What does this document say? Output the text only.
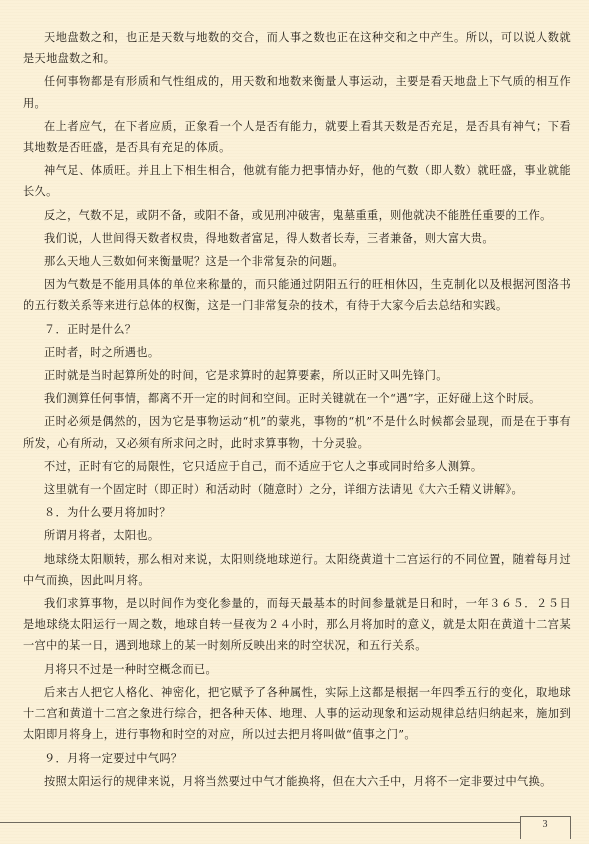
天地盘数之和，也正是天数与地数的交合，而人事之数也正在这种交和之中产生。所以，可以说人数就是天地盘数之和。

任何事物都是有形质和气性组成的，用天数和地数来衡量人事运动，主要是看天地盘上下气质的相互作用。

在上者应气，在下者应质，正象看一个人是否有能力，就要上看其天数是否充足，是否具有神气；下看其地数是否旺盛，是否具有充足的体质。

神气足、体质旺。并且上下相生相合，他就有能力把事情办好，他的气数（即人数）就旺盛，事业就能长久。

反之，气数不足，或阴不备，或阳不备，或见刑冲破害，鬼墓重重，则他就决不能胜任重要的工作。

我们说，人世间得天数者权贵，得地数者富足，得人数者长寿，三者兼备，则大富大贵。

那么天地人三数如何来衡量呢？这是一个非常复杂的问题。

因为气数是不能用具体的单位来称量的，而只能通过阴阳五行的旺相休囚，生克制化以及根据河图洛书的五行数关系等来进行总体的权衡，这是一门非常复杂的技术，有待于大家今后去总结和实践。

７．正时是什么？

正时者，时之所遇也。

正时就是当时起算所处的时间，它是求算时的起算要素，所以正时又叫先锋门。

我们测算任何事情，都离不开一定的时间和空间。正时关键就在一个“遇”字，正好碰上这个时辰。

正时必须是偶然的，因为它是事物运动“机”的蒙兆，事物的“机”不是什么时候都会显现，而是在于事有所发，心有所动，又必须有所求问之时，此时求算事物，十分灵验。

不过，正时有它的局限性，它只适应于自己，而不适应于它人之事或同时给多人测算。

这里就有一个固定时（即正时）和活动时（随意时）之分，详细方法请见《大六壬精义讲解》。

８．为什么要月将加时？

所谓月将者，太阳也。

地球绕太阳顺转，那么相对来说，太阳则绕地球逆行。太阳绕黄道十二宫运行的不同位置，随着每月过中气而换，因此叫月将。

我们求算事物，是以时间作为变化参量的，而每天最基本的时间参量就是日和时，一年３６５．２５日是地球绕太阳运行一周之数，地球自转一昼夜为２４小时，那么月将加时的意义，就是太阳在黄道十二宫某一宫中的某一日，遇到地球上的某一时刻所反映出来的时空状况，和五行关系。

月将只不过是一种时空概念而已。

后来古人把它人格化、神密化，把它赋予了各种属性，实际上这都是根据一年四季五行的变化，取地球十二宫和黄道十二宫之象进行综合，把各种天体、地理、人事的运动现象和运动规律总结归纳起来，施加到太阳即月将身上，进行事物和时空的对应，所以过去把月将叫做“值事之门”。

９．月将一定要过中气吗？

按照太阳运行的规律来说，月将当然要过中气才能换将，但在大六壬中，月将不一定非要过中气换。

3
